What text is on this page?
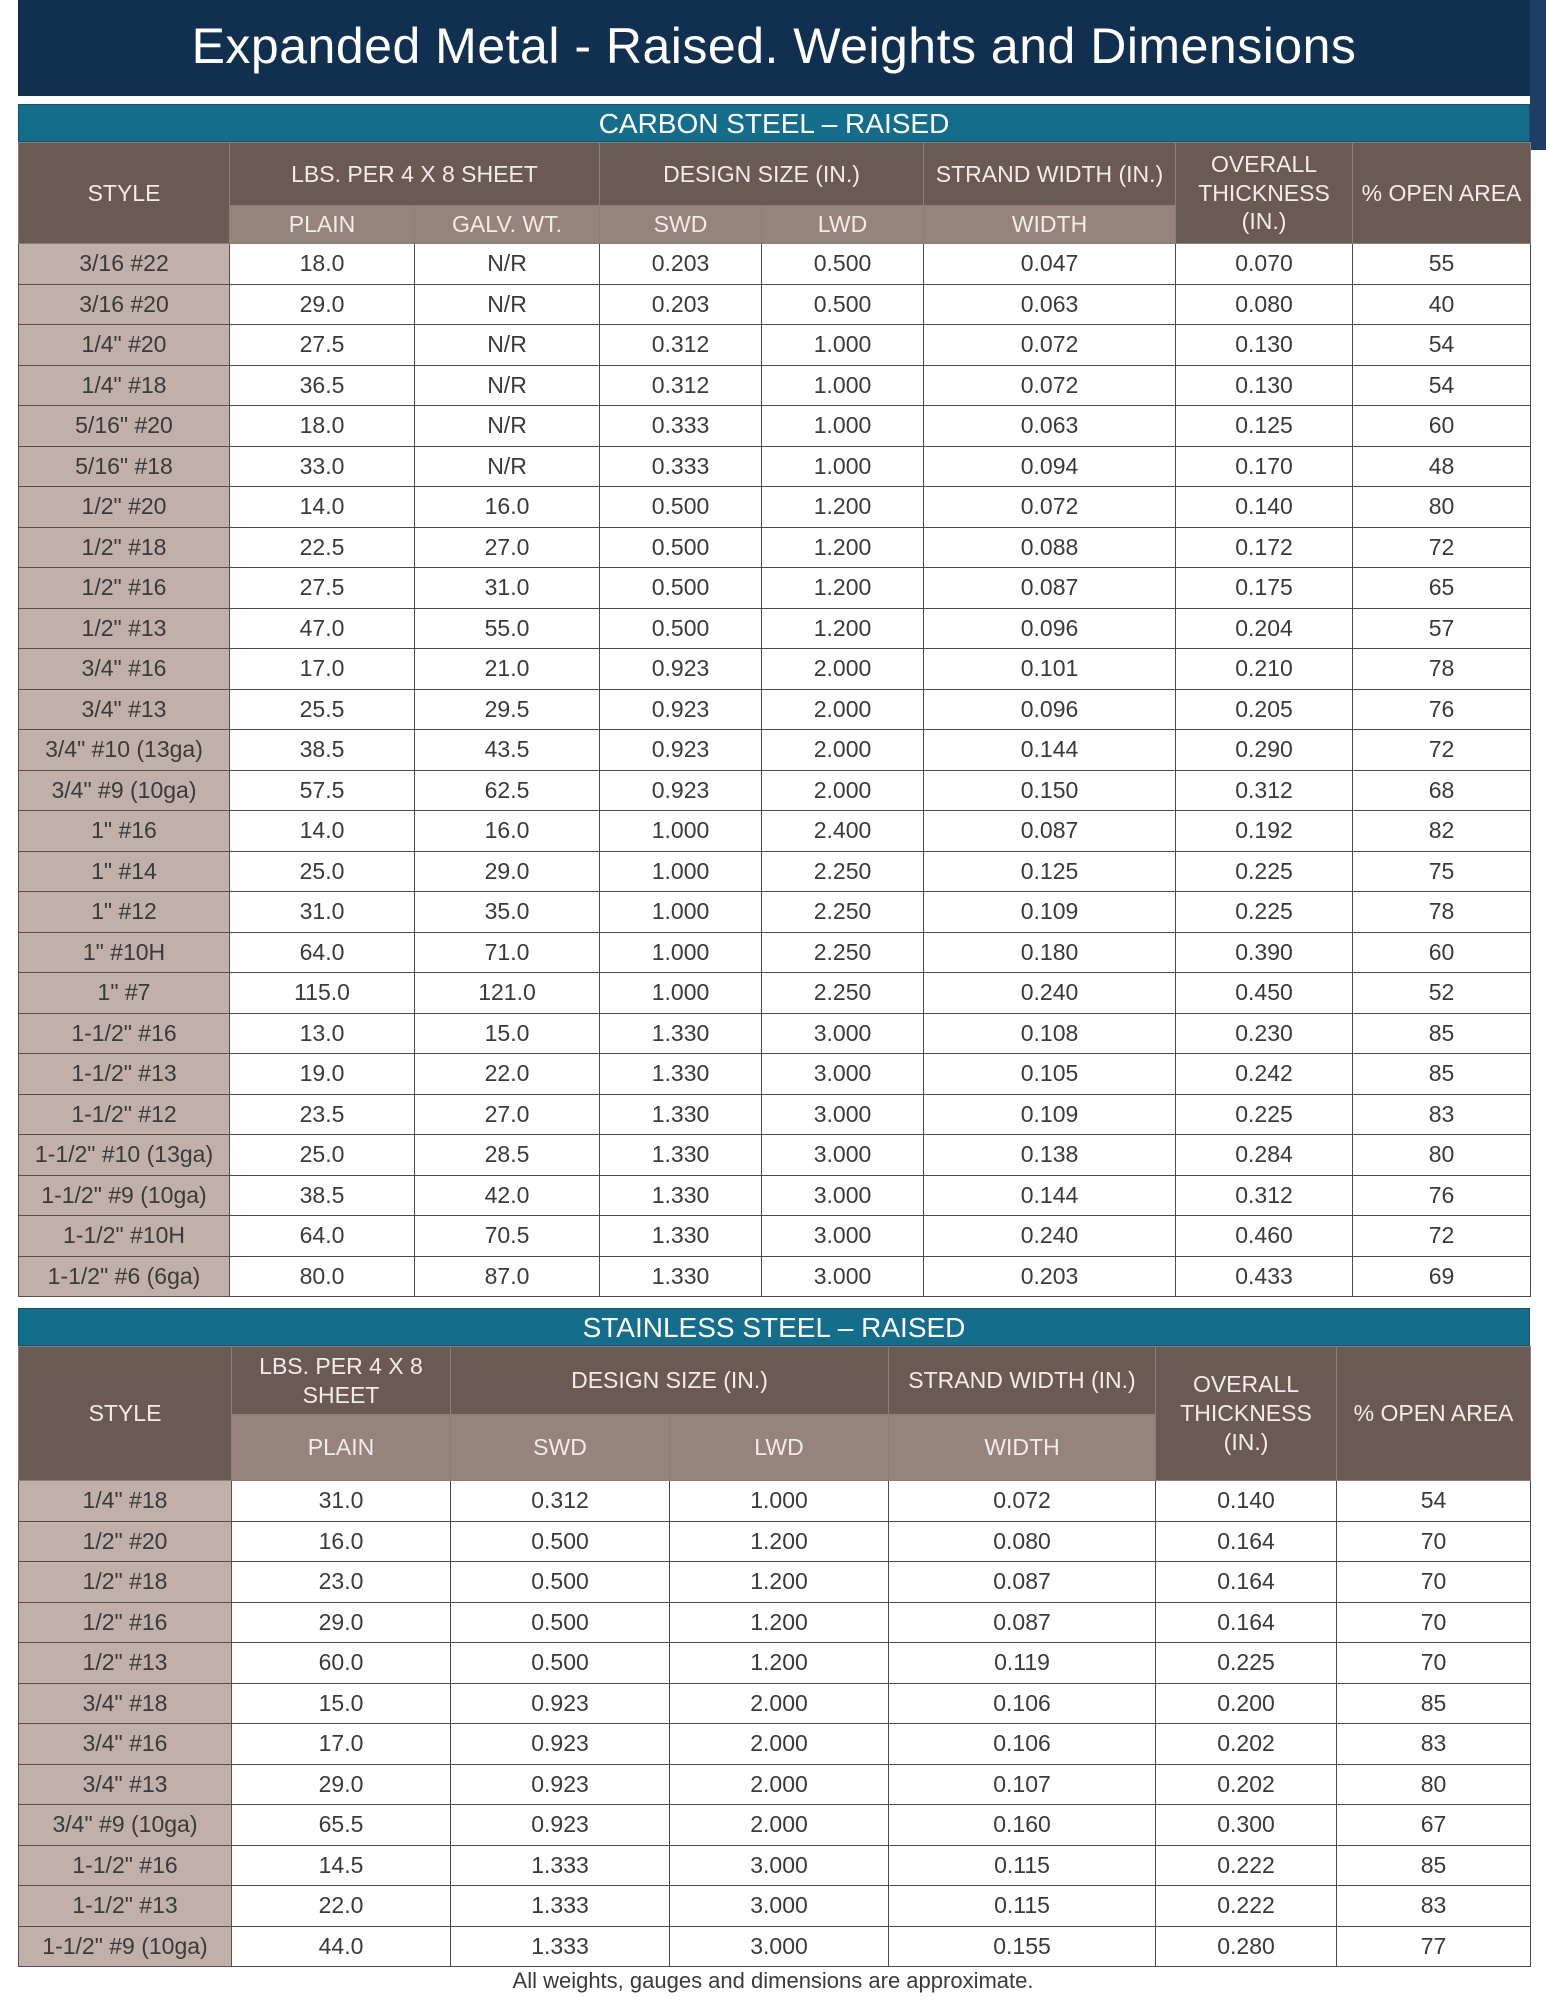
Expanded Metal - Raised. Weights and Dimensions
CARBON STEEL – RAISED
STYLE	LBS. PER 4 X 8 SHEET		DESIGN SIZE (IN.)		STRAND WIDTH (IN.)	OVERALL THICKNESS (IN.)	% OPEN AREA
	PLAIN	GALV. WT.	SWD	LWD	WIDTH		
3/16 #22	18.0	N/R	0.203	0.500	0.047	0.070	55
3/16 #20	29.0	N/R	0.203	0.500	0.063	0.080	40
1/4" #20	27.5	N/R	0.312	1.000	0.072	0.130	54
1/4" #18	36.5	N/R	0.312	1.000	0.072	0.130	54
5/16" #20	18.0	N/R	0.333	1.000	0.063	0.125	60
5/16" #18	33.0	N/R	0.333	1.000	0.094	0.170	48
1/2" #20	14.0	16.0	0.500	1.200	0.072	0.140	80
1/2" #18	22.5	27.0	0.500	1.200	0.088	0.172	72
1/2" #16	27.5	31.0	0.500	1.200	0.087	0.175	65
1/2" #13	47.0	55.0	0.500	1.200	0.096	0.204	57
3/4" #16	17.0	21.0	0.923	2.000	0.101	0.210	78
3/4" #13	25.5	29.5	0.923	2.000	0.096	0.205	76
3/4" #10 (13ga)	38.5	43.5	0.923	2.000	0.144	0.290	72
3/4" #9 (10ga)	57.5	62.5	0.923	2.000	0.150	0.312	68
1" #16	14.0	16.0	1.000	2.400	0.087	0.192	82
1" #14	25.0	29.0	1.000	2.250	0.125	0.225	75
1" #12	31.0	35.0	1.000	2.250	0.109	0.225	78
1" #10H	64.0	71.0	1.000	2.250	0.180	0.390	60
1" #7	115.0	121.0	1.000	2.250	0.240	0.450	52
1-1/2" #16	13.0	15.0	1.330	3.000	0.108	0.230	85
1-1/2" #13	19.0	22.0	1.330	3.000	0.105	0.242	85
1-1/2" #12	23.5	27.0	1.330	3.000	0.109	0.225	83
1-1/2" #10 (13ga)	25.0	28.5	1.330	3.000	0.138	0.284	80
1-1/2" #9 (10ga)	38.5	42.0	1.330	3.000	0.144	0.312	76
1-1/2" #10H	64.0	70.5	1.330	3.000	0.240	0.460	72
1-1/2" #6 (6ga)	80.0	87.0	1.330	3.000	0.203	0.433	69
STAINLESS STEEL – RAISED
STYLE	LBS. PER 4 X 8 SHEET	DESIGN SIZE (IN.)		STRAND WIDTH (IN.)	OVERALL THICKNESS (IN.)	% OPEN AREA
	PLAIN	SWD	LWD	WIDTH		
1/4" #18	31.0	0.312	1.000	0.072	0.140	54
1/2" #20	16.0	0.500	1.200	0.080	0.164	70
1/2" #18	23.0	0.500	1.200	0.087	0.164	70
1/2" #16	29.0	0.500	1.200	0.087	0.164	70
1/2" #13	60.0	0.500	1.200	0.119	0.225	70
3/4" #18	15.0	0.923	2.000	0.106	0.200	85
3/4" #16	17.0	0.923	2.000	0.106	0.202	83
3/4" #13	29.0	0.923	2.000	0.107	0.202	80
3/4" #9 (10ga)	65.5	0.923	2.000	0.160	0.300	67
1-1/2" #16	14.5	1.333	3.000	0.115	0.222	85
1-1/2" #13	22.0	1.333	3.000	0.115	0.222	83
1-1/2" #9 (10ga)	44.0	1.333	3.000	0.155	0.280	77
All weights, gauges and dimensions are approximate.
